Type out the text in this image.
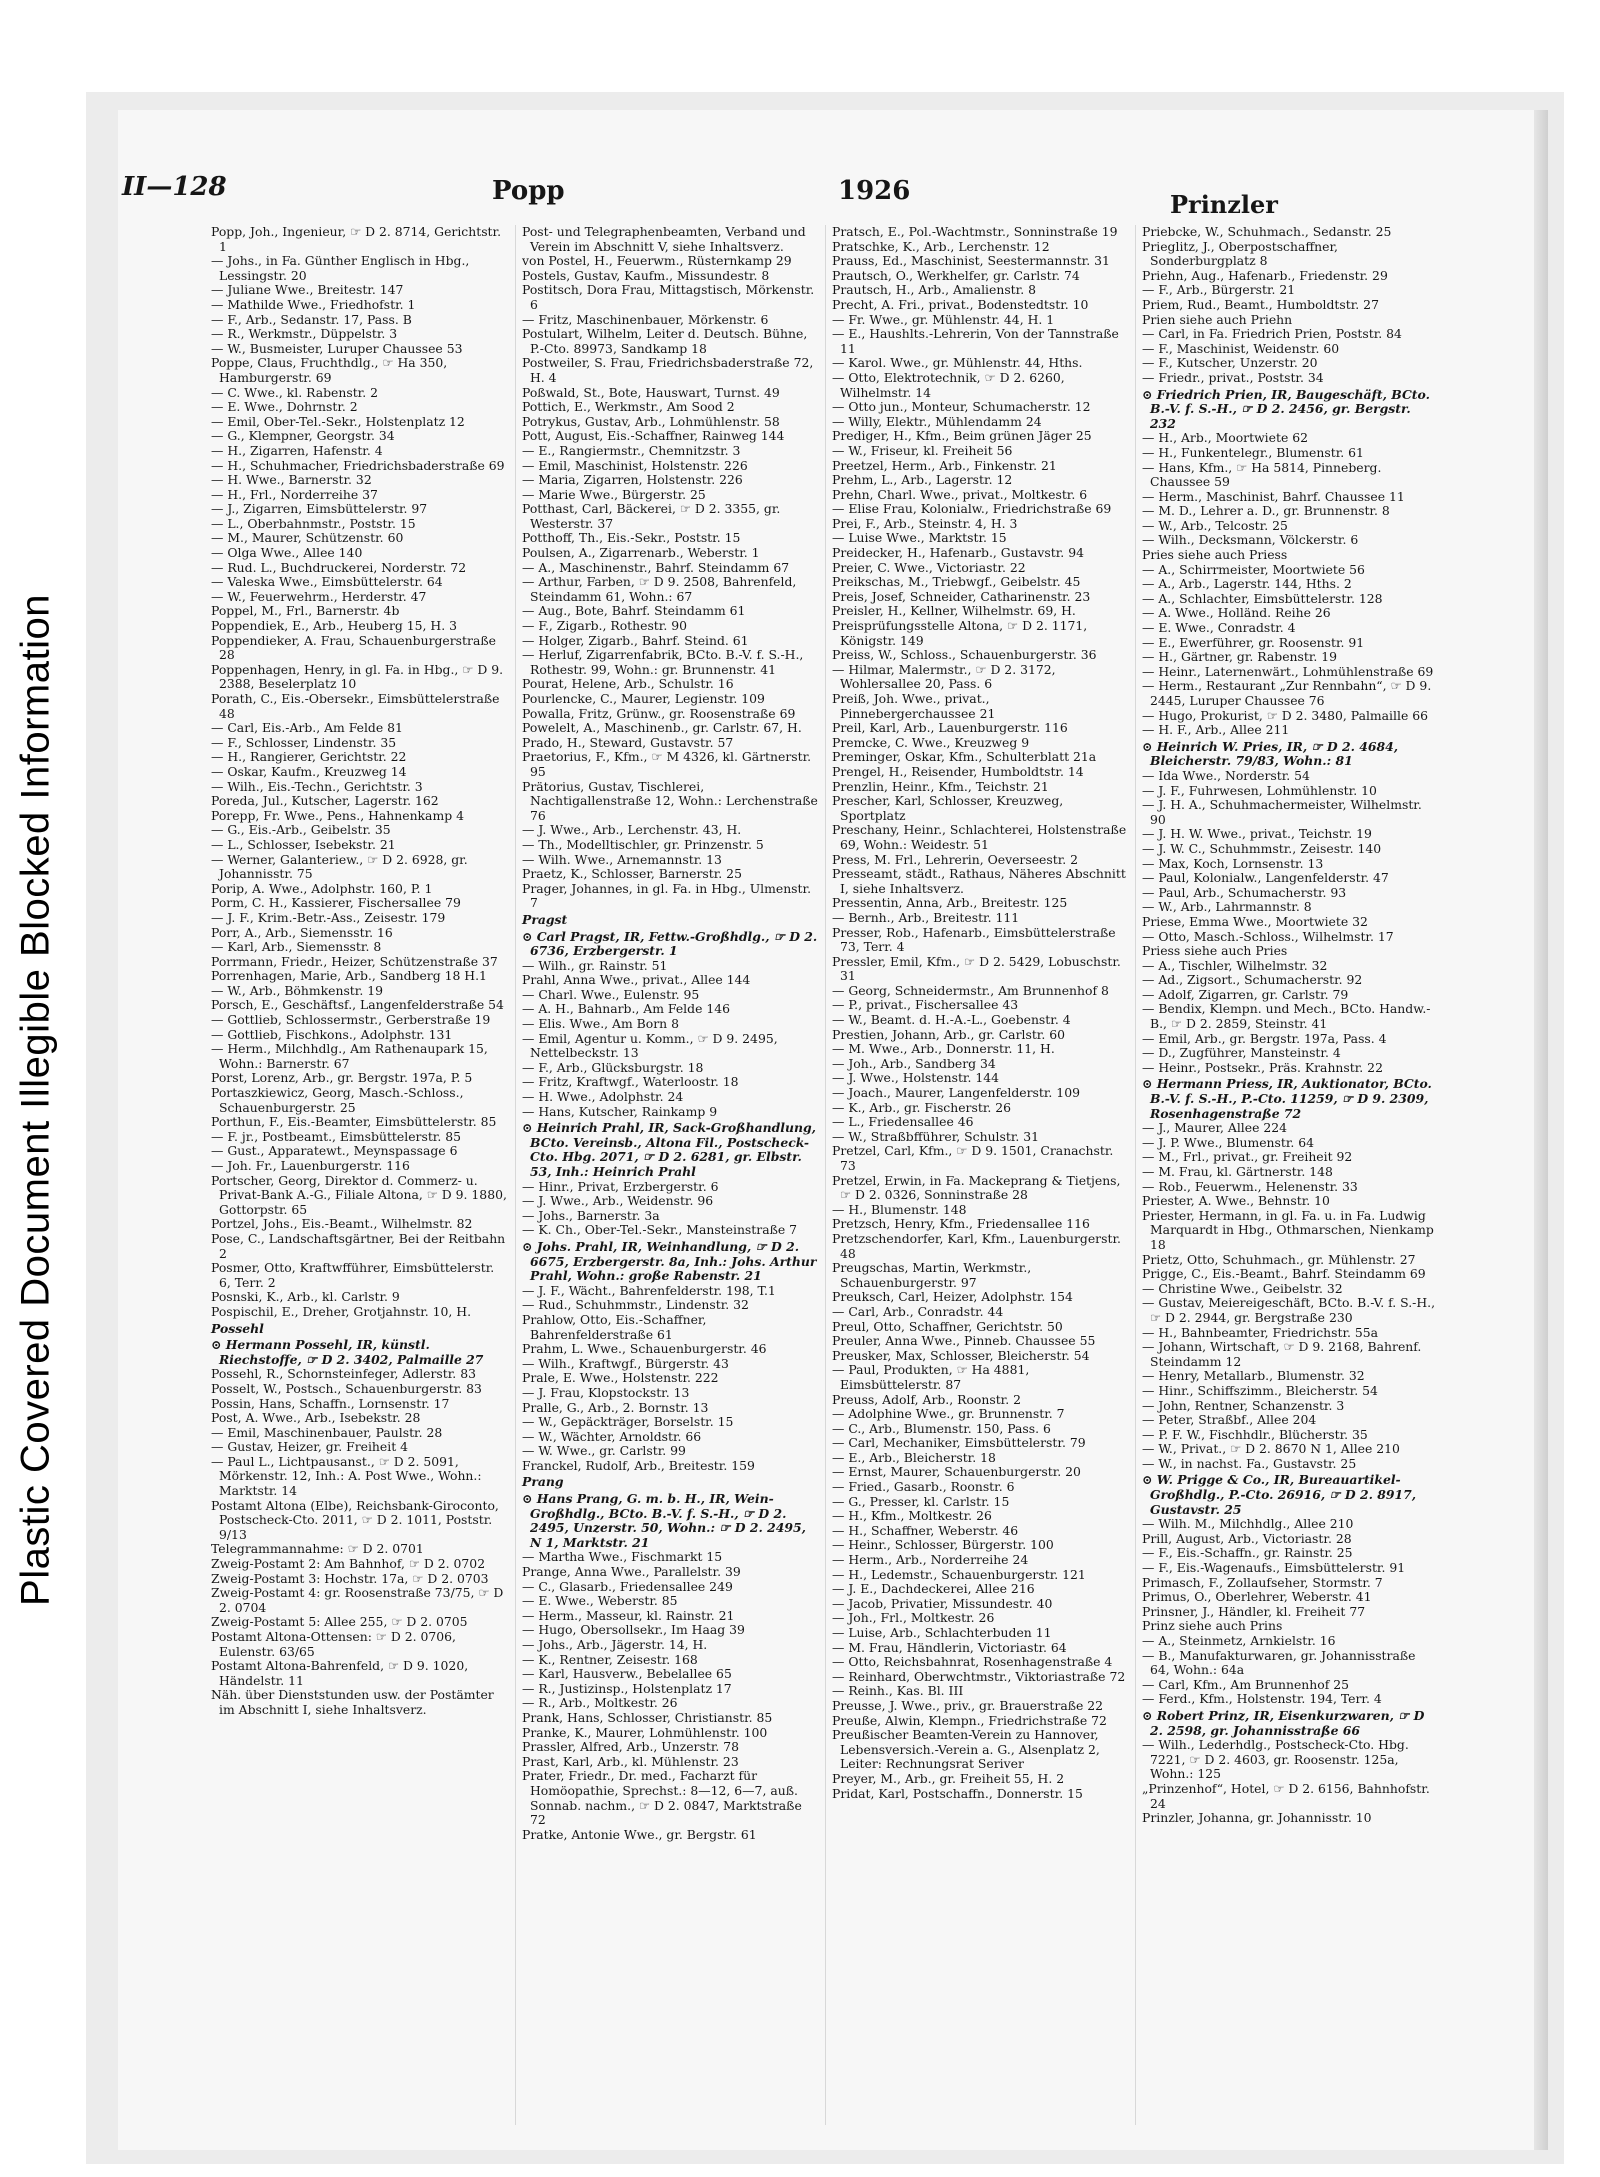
Plastic Covered Document Illegible Blocked Information
II—128	Popp	1926	Prinzler

Popp, Joh., Ingenieur, ☞ D 2. 8714, Gerichtstr. 1

— Johs., in Fa. Günther Englisch in Hbg., Lessingstr. 20

— Juliane Wwe., Breitestr. 147

— Mathilde Wwe., Friedhofstr. 1

— F., Arb., Sedanstr. 17, Pass. B

— R., Werkmstr., Düppelstr. 3

— W., Busmeister, Luruper Chaussee 53

Poppe, Claus, Fruchthdlg., ☞ Ha 350, Hamburgerstr. 69

— C. Wwe., kl. Rabenstr. 2

— E. Wwe., Dohrnstr. 2

— Emil, Ober-Tel.-Sekr., Holstenplatz 12

— G., Klempner, Georgstr. 34

— H., Zigarren, Hafenstr. 4

— H., Schuhmacher, Friedrichsbaderstraße 69

— H. Wwe., Barnerstr. 32

— H., Frl., Norderreihe 37

— J., Zigarren, Eimsbüttelerstr. 97

— L., Oberbahnmstr., Poststr. 15

— M., Maurer, Schützenstr. 60

— Olga Wwe., Allee 140

— Rud. L., Buchdruckerei, Norderstr. 72

— Valeska Wwe., Eimsbüttelerstr. 64

— W., Feuerwehrm., Herderstr. 47

Poppel, M., Frl., Barnerstr. 4b

Poppendiek, E., Arb., Heuberg 15, H. 3

Poppendieker, A. Frau, Schauenburgerstraße 28

Poppenhagen, Henry, in gl. Fa. in Hbg., ☞ D 9. 2388, Beselerplatz 10

Porath, C., Eis.-Obersekr., Eimsbüttelerstraße 48

— Carl, Eis.-Arb., Am Felde 81

— F., Schlosser, Lindenstr. 35

— H., Rangierer, Gerichtstr. 22

— Oskar, Kaufm., Kreuzweg 14

— Wilh., Eis.-Techn., Gerichtstr. 3

Poreda, Jul., Kutscher, Lagerstr. 162

Porepp, Fr. Wwe., Pens., Hahnenkamp 4

— G., Eis.-Arb., Geibelstr. 35

— L., Schlosser, Isebekstr. 21

— Werner, Galanteriew., ☞ D 2. 6928, gr. Johannisstr. 75

Porip, A. Wwe., Adolphstr. 160, P. 1

Porm, C. H., Kassierer, Fischersallee 79

— J. F., Krim.-Betr.-Ass., Zeisestr. 179

Porr, A., Arb., Siemensstr. 16

— Karl, Arb., Siemensstr. 8

Porrmann, Friedr., Heizer, Schützenstraße 37

Porrenhagen, Marie, Arb., Sandberg 18 H.1

— W., Arb., Böhmkenstr. 19

Porsch, E., Geschäftsf., Langenfelderstraße 54

— Gottlieb, Schlossermstr., Gerberstraße 19

— Gottlieb, Fischkons., Adolphstr. 131

— Herm., Milchhdlg., Am Rathenaupark 15, Wohn.: Barnerstr. 67

Porst, Lorenz, Arb., gr. Bergstr. 197a, P. 5

Portaszkiewicz, Georg, Masch.-Schloss., Schauenburgerstr. 25

Porthun, F., Eis.-Beamter, Eimsbüttelerstr. 85

— F. jr., Postbeamt., Eimsbüttelerstr. 85

— Gust., Apparatewt., Meynspassage 6

— Joh. Fr., Lauenburgerstr. 116

Portscher, Georg, Direktor d. Commerz- u. Privat-Bank A.-G., Filiale Altona, ☞ D 9. 1880, Gottorpstr. 65

Portzel, Johs., Eis.-Beamt., Wilhelmstr. 82

Pose, C., Landschaftsgärtner, Bei der Reitbahn 2

Posmer, Otto, Kraftwfführer, Eimsbüttelerstr. 6, Terr. 2

Posnski, K., Arb., kl. Carlstr. 9

Pospischil, E., Dreher, Grotjahnstr. 10, H.

Possehl

⊙ Hermann Possehl, IR, künstl. Riechstoffe, ☞ D 2. 3402, Palmaille 27

Possehl, R., Schornsteinfeger, Adlerstr. 83

Posselt, W., Postsch., Schauenburgerstr. 83

Possin, Hans, Schaffn., Lornsenstr. 17

Post, A. Wwe., Arb., Isebekstr. 28

— Emil, Maschinenbauer, Paulstr. 28

— Gustav, Heizer, gr. Freiheit 4

— Paul L., Lichtpausanst., ☞ D 2. 5091, Mörkenstr. 12, Inh.: A. Post Wwe., Wohn.: Marktstr. 14

Postamt Altona (Elbe), Reichsbank-Giroconto, Postscheck-Cto. 2011, ☞ D 2. 1011, Poststr. 9/13

Telegrammannahme: ☞ D 2. 0701

Zweig-Postamt 2: Am Bahnhof, ☞ D 2. 0702

Zweig-Postamt 3: Hochstr. 17a, ☞ D 2. 0703

Zweig-Postamt 4: gr. Roosenstraße 73/75, ☞ D 2. 0704

Zweig-Postamt 5: Allee 255, ☞ D 2. 0705

Postamt Altona-Ottensen: ☞ D 2. 0706, Eulenstr. 63/65

Postamt Altona-Bahrenfeld, ☞ D 9. 1020, Händelstr. 11

Näh. über Dienststunden usw. der Postämter im Abschnitt I, siehe Inhaltsverz.

Post- und Telegraphenbeamten, Verband und Verein im Abschnitt V, siehe Inhaltsverz.

von Postel, H., Feuerwm., Rüsternkamp 29

Postels, Gustav, Kaufm., Missundestr. 8

Postitsch, Dora Frau, Mittagstisch, Mörkenstr. 6

— Fritz, Maschinenbauer, Mörkenstr. 6

Postulart, Wilhelm, Leiter d. Deutsch. Bühne, P.-Cto. 89973, Sandkamp 18

Postweiler, S. Frau, Friedrichsbaderstraße 72, H. 4

Poßwald, St., Bote, Hauswart, Turnst. 49

Pottich, E., Werkmstr., Am Sood 2

Potrykus, Gustav, Arb., Lohmühlenstr. 58

Pott, August, Eis.-Schaffner, Rainweg 144

— E., Rangiermstr., Chemnitzstr. 3

— Emil, Maschinist, Holstenstr. 226

— Maria, Zigarren, Holstenstr. 226

— Marie Wwe., Bürgerstr. 25

Potthast, Carl, Bäckerei, ☞ D 2. 3355, gr. Westerstr. 37

Potthoff, Th., Eis.-Sekr., Poststr. 15

Poulsen, A., Zigarrenarb., Weberstr. 1

— A., Maschinenstr., Bahrf. Steindamm 67

— Arthur, Farben, ☞ D 9. 2508, Bahrenfeld, Steindamm 61, Wohn.: 67

— Aug., Bote, Bahrf. Steindamm 61

— F., Zigarb., Rothestr. 90

— Holger, Zigarb., Bahrf. Steind. 61

— Herluf, Zigarrenfabrik, BCto. B.-V. f. S.-H., Rothestr. 99, Wohn.: gr. Brunnenstr. 41

Pourat, Helene, Arb., Schulstr. 16

Pourlencke, C., Maurer, Legienstr. 109

Powalla, Fritz, Grünw., gr. Roosenstraße 69

Powelelt, A., Maschinenb., gr. Carlstr. 67, H.

Prado, H., Steward, Gustavstr. 57

Praetorius, F., Kfm., ☞ M 4326, kl. Gärtnerstr. 95

Prätorius, Gustav, Tischlerei, Nachtigallenstraße 12, Wohn.: Lerchenstraße 76

— J. Wwe., Arb., Lerchenstr. 43, H.

— Th., Modelltischler, gr. Prinzenstr. 5

— Wilh. Wwe., Arnemannstr. 13

Praetz, K., Schlosser, Barnerstr. 25

Prager, Johannes, in gl. Fa. in Hbg., Ulmenstr. 7

Pragst

⊙ Carl Pragst, IR, Fettw.-Großhdlg., ☞ D 2. 6736, Erzbergerstr. 1

— Wilh., gr. Rainstr. 51

Prahl, Anna Wwe., privat., Allee 144

— Charl. Wwe., Eulenstr. 95

— A. H., Bahnarb., Am Felde 146

— Elis. Wwe., Am Born 8

— Emil, Agentur u. Komm., ☞ D 9. 2495, Nettelbeckstr. 13

— F., Arb., Glücksburgstr. 18

— Fritz, Kraftwgf., Waterloostr. 18

— H. Wwe., Adolphstr. 24

— Hans, Kutscher, Rainkamp 9

⊙ Heinrich Prahl, IR, Sack-Großhandlung, BCto. Vereinsb., Altona Fil., Postscheck-Cto. Hbg. 2071, ☞ D 2. 6281, gr. Elbstr. 53, Inh.: Heinrich Prahl

— Hinr., Privat, Erzbergerstr. 6

— J. Wwe., Arb., Weidenstr. 96

— Johs., Barnerstr. 3a

— K. Ch., Ober-Tel.-Sekr., Mansteinstraße 7

⊙ Johs. Prahl, IR, Weinhandlung, ☞ D 2. 6675, Erzbergerstr. 8a, Inh.: Johs. Arthur Prahl, Wohn.: große Rabenstr. 21

— J. F., Wächt., Bahrenfelderstr. 198, T.1

— Rud., Schuhmmstr., Lindenstr. 32

Prahlow, Otto, Eis.-Schaffner, Bahrenfelderstraße 61

Prahm, L. Wwe., Schauenburgerstr. 46

— Wilh., Kraftwgf., Bürgerstr. 43

Prale, E. Wwe., Holstenstr. 222

— J. Frau, Klopstockstr. 13

Pralle, G., Arb., 2. Bornstr. 13

— W., Gepäckträger, Borselstr. 15

— W., Wächter, Arnoldstr. 66

— W. Wwe., gr. Carlstr. 99

Franckel, Rudolf, Arb., Breitestr. 159

Prang

⊙ Hans Prang, G. m. b. H., IR, Wein-Großhdlg., BCto. B.-V. f. S.-H., ☞ D 2. 2495, Unzerstr. 50, Wohn.: ☞ D 2. 2495, N 1, Marktstr. 21

— Martha Wwe., Fischmarkt 15

Prange, Anna Wwe., Parallelstr. 39

— C., Glasarb., Friedensallee 249

— E. Wwe., Weberstr. 85

— Herm., Masseur, kl. Rainstr. 21

— Hugo, Obersollsekr., Im Haag 39

— Johs., Arb., Jägerstr. 14, H.

— K., Rentner, Zeisestr. 168

— Karl, Hausverw., Bebelallee 65

— R., Justizinsp., Holstenplatz 17

— R., Arb., Moltkestr. 26

Prank, Hans, Schlosser, Christianstr. 85

Pranke, K., Maurer, Lohmühlenstr. 100

Prassler, Alfred, Arb., Unzerstr. 78

Prast, Karl, Arb., kl. Mühlenstr. 23

Prater, Friedr., Dr. med., Facharzt für Homöopathie, Sprechst.: 8—12, 6—7, auß. Sonnab. nachm., ☞ D 2. 0847, Marktstraße 72

Pratke, Antonie Wwe., gr. Bergstr. 61

Pratsch, E., Pol.-Wachtmstr., Sonninstraße 19

Pratschke, K., Arb., Lerchenstr. 12

Prauss, Ed., Maschinist, Seestermannstr. 31

Prautsch, O., Werkhelfer, gr. Carlstr. 74

Prautsch, H., Arb., Amalienstr. 8

Precht, A. Fri., privat., Bodenstedtstr. 10

— Fr. Wwe., gr. Mühlenstr. 44, H. 1

— E., Haushlts.-Lehrerin, Von der Tannstraße 11

— Karol. Wwe., gr. Mühlenstr. 44, Hths.

— Otto, Elektrotechnik, ☞ D 2. 6260, Wilhelmstr. 14

— Otto jun., Monteur, Schumacherstr. 12

— Willy, Elektr., Mühlendamm 24

Prediger, H., Kfm., Beim grünen Jäger 25

— W., Friseur, kl. Freiheit 56

Preetzel, Herm., Arb., Finkenstr. 21

Prehm, L., Arb., Lagerstr. 12

Prehn, Charl. Wwe., privat., Moltkestr. 6

— Elise Frau, Kolonialw., Friedrichstraße 69

Prei, F., Arb., Steinstr. 4, H. 3

— Luise Wwe., Marktstr. 15

Preidecker, H., Hafenarb., Gustavstr. 94

Preier, C. Wwe., Victoriastr. 22

Preikschas, M., Triebwgf., Geibelstr. 45

Preis, Josef, Schneider, Catharinenstr. 23

Preisler, H., Kellner, Wilhelmstr. 69, H.

Preisprüfungsstelle Altona, ☞ D 2. 1171, Königstr. 149

Preiss, W., Schloss., Schauenburgerstr. 36

— Hilmar, Malermstr., ☞ D 2. 3172, Wohlersallee 20, Pass. 6

Preiß, Joh. Wwe., privat., Pinnebergerchaussee 21

Preil, Karl, Arb., Lauenburgerstr. 116

Premcke, C. Wwe., Kreuzweg 9

Preminger, Oskar, Kfm., Schulterblatt 21a

Prengel, H., Reisender, Humboldtstr. 14

Prenzlin, Heinr., Kfm., Teichstr. 21

Prescher, Karl, Schlosser, Kreuzweg, Sportplatz

Preschany, Heinr., Schlachterei, Holstenstraße 69, Wohn.: Weidestr. 51

Press, M. Frl., Lehrerin, Oeverseestr. 2

Presseamt, städt., Rathaus, Näheres Abschnitt I, siehe Inhaltsverz.

Pressentin, Anna, Arb., Breitestr. 125

— Bernh., Arb., Breitestr. 111

Presser, Rob., Hafenarb., Eimsbüttelerstraße 73, Terr. 4

Pressler, Emil, Kfm., ☞ D 2. 5429, Lobuschstr. 31

— Georg, Schneidermstr., Am Brunnenhof 8

— P., privat., Fischersallee 43

— W., Beamt. d. H.-A.-L., Goebenstr. 4

Prestien, Johann, Arb., gr. Carlstr. 60

— M. Wwe., Arb., Donnerstr. 11, H.

— Joh., Arb., Sandberg 34

— J. Wwe., Holstenstr. 144

— Joach., Maurer, Langenfelderstr. 109

— K., Arb., gr. Fischerstr. 26

— L., Friedensallee 46

— W., Straßbfführer, Schulstr. 31

Pretzel, Carl, Kfm., ☞ D 9. 1501, Cranachstr. 73

Pretzel, Erwin, in Fa. Mackeprang & Tietjens, ☞ D 2. 0326, Sonninstraße 28

— H., Blumenstr. 148

Pretzsch, Henry, Kfm., Friedensallee 116

Pretzschendorfer, Karl, Kfm., Lauenburgerstr. 48

Preugschas, Martin, Werkmstr., Schauenburgerstr. 97

Preuksch, Carl, Heizer, Adolphstr. 154

— Carl, Arb., Conradstr. 44

Preul, Otto, Schaffner, Gerichtstr. 50

Preuler, Anna Wwe., Pinneb. Chaussee 55

Preusker, Max, Schlosser, Bleicherstr. 54

— Paul, Produkten, ☞ Ha 4881, Eimsbüttelerstr. 87

Preuss, Adolf, Arb., Roonstr. 2

— Adolphine Wwe., gr. Brunnenstr. 7

— C., Arb., Blumenstr. 150, Pass. 6

— Carl, Mechaniker, Eimsbüttelerstr. 79

— E., Arb., Bleicherstr. 18

— Ernst, Maurer, Schauenburgerstr. 20

— Fried., Gasarb., Roonstr. 6

— G., Presser, kl. Carlstr. 15

— H., Kfm., Moltkestr. 26

— H., Schaffner, Weberstr. 46

— Heinr., Schlosser, Bürgerstr. 100

— Herm., Arb., Norderreihe 24

— H., Ledemstr., Schauenburgerstr. 121

— J. E., Dachdeckerei, Allee 216

— Jacob, Privatier, Missundestr. 40

— Joh., Frl., Moltkestr. 26

— Luise, Arb., Schlachterbuden 11

— M. Frau, Händlerin, Victoriastr. 64

— Otto, Reichsbahnrat, Rosenhagenstraße 4

— Reinhard, Oberwchtmstr., Viktoriastraße 72

— Reinh., Kas. Bl. III

Preusse, J. Wwe., priv., gr. Brauerstraße 22

Preuße, Alwin, Klempn., Friedrichstraße 72

Preußischer Beamten-Verein zu Hannover, Lebensversich.-Verein a. G., Alsenplatz 2, Leiter: Rechnungsrat Seriver

Preyer, M., Arb., gr. Freiheit 55, H. 2

Pridat, Karl, Postschaffn., Donnerstr. 15

Priebcke, W., Schuhmach., Sedanstr. 25

Prieglitz, J., Oberpostschaffner, Sonderburgplatz 8

Priehn, Aug., Hafenarb., Friedenstr. 29

— F., Arb., Bürgerstr. 21

Priem, Rud., Beamt., Humboldtstr. 27

Prien siehe auch Priehn

— Carl, in Fa. Friedrich Prien, Poststr. 84

— F., Maschinist, Weidenstr. 60

— F., Kutscher, Unzerstr. 20

— Friedr., privat., Poststr. 34

⊙ Friedrich Prien, IR, Baugeschäft, BCto. B.-V. f. S.-H., ☞ D 2. 2456, gr. Bergstr. 232

— H., Arb., Moortwiete 62

— H., Funkentelegr., Blumenstr. 61

— Hans, Kfm., ☞ Ha 5814, Pinneberg. Chaussee 59

— Herm., Maschinist, Bahrf. Chaussee 11

— M. D., Lehrer a. D., gr. Brunnenstr. 8

— W., Arb., Telcostr. 25

— Wilh., Decksmann, Völckerstr. 6

Pries siehe auch Priess

— A., Schirrmeister, Moortwiete 56

— A., Arb., Lagerstr. 144, Hths. 2

— A., Schlachter, Eimsbüttelerstr. 128

— A. Wwe., Holländ. Reihe 26

— E. Wwe., Conradstr. 4

— E., Ewerführer, gr. Roosenstr. 91

— H., Gärtner, gr. Rabenstr. 19

— Heinr., Laternenwärt., Lohmühlenstraße 69

— Herm., Restaurant „Zur Rennbahn“, ☞ D 9. 2445, Luruper Chaussee 76

— Hugo, Prokurist, ☞ D 2. 3480, Palmaille 66

— H. F., Arb., Allee 211

⊙ Heinrich W. Pries, IR, ☞ D 2. 4684, Bleicherstr. 79/83, Wohn.: 81

— Ida Wwe., Norderstr. 54

— J. F., Fuhrwesen, Lohmühlenstr. 10

— J. H. A., Schuhmachermeister, Wilhelmstr. 90

— J. H. W. Wwe., privat., Teichstr. 19

— J. W. C., Schuhmmstr., Zeisestr. 140

— Max, Koch, Lornsenstr. 13

— Paul, Kolonialw., Langenfelderstr. 47

— Paul, Arb., Schumacherstr. 93

— W., Arb., Lahrmannstr. 8

Priese, Emma Wwe., Moortwiete 32

— Otto, Masch.-Schloss., Wilhelmstr. 17

Priess siehe auch Pries

— A., Tischler, Wilhelmstr. 32

— Ad., Zigsort., Schumacherstr. 92

— Adolf, Zigarren, gr. Carlstr. 79

— Bendix, Klempn. und Mech., BCto. Handw.-B., ☞ D 2. 2859, Steinstr. 41

— Emil, Arb., gr. Bergstr. 197a, Pass. 4

— D., Zugführer, Mansteinstr. 4

— Heinr., Postsekr., Präs. Krahnstr. 22

⊙ Hermann Priess, IR, Auktionator, BCto. B.-V. f. S.-H., P.-Cto. 11259, ☞ D 9. 2309, Rosenhagenstraße 72

— J., Maurer, Allee 224

— J. P. Wwe., Blumenstr. 64

— M., Frl., privat., gr. Freiheit 92

— M. Frau, kl. Gärtnerstr. 148

— Rob., Feuerwm., Helenenstr. 33

Priester, A. Wwe., Behnstr. 10

Priester, Hermann, in gl. Fa. u. in Fa. Ludwig Marquardt in Hbg., Othmarschen, Nienkamp 18

Prietz, Otto, Schuhmach., gr. Mühlenstr. 27

Prigge, C., Eis.-Beamt., Bahrf. Steindamm 69

— Christine Wwe., Geibelstr. 32

— Gustav, Meiereigeschäft, BCto. B.-V. f. S.-H., ☞ D 2. 2944, gr. Bergstraße 230

— H., Bahnbeamter, Friedrichstr. 55a

— Johann, Wirtschaft, ☞ D 9. 2168, Bahrenf. Steindamm 12

— Henry, Metallarb., Blumenstr. 32

— Hinr., Schiffszimm., Bleicherstr. 54

— John, Rentner, Schanzenstr. 3

— Peter, Straßbf., Allee 204

— P. F. W., Fischhdlr., Blücherstr. 35

— W., Privat., ☞ D 2. 8670 N 1, Allee 210

— W., in nachst. Fa., Gustavstr. 25

⊙ W. Prigge & Co., IR, Bureauartikel-Großhdlg., P.-Cto. 26916, ☞ D 2. 8917, Gustavstr. 25

— Wilh. M., Milchhdlg., Allee 210

Prill, August, Arb., Victoriastr. 28

— F., Eis.-Schaffn., gr. Rainstr. 25

— F., Eis.-Wagenaufs., Eimsbüttelerstr. 91

Primasch, F., Zollaufseher, Stormstr. 7

Primus, O., Oberlehrer, Weberstr. 41

Prinsner, J., Händler, kl. Freiheit 77

Prinz siehe auch Prins

— A., Steinmetz, Arnkielstr. 16

— B., Manufakturwaren, gr. Johannisstraße 64, Wohn.: 64a

— Carl, Kfm., Am Brunnenhof 25

— Ferd., Kfm., Holstenstr. 194, Terr. 4

⊙ Robert Prinz, IR, Eisenkurzwaren, ☞ D 2. 2598, gr. Johannisstraße 66

— Wilh., Lederhdlg., Postscheck-Cto. Hbg. 7221, ☞ D 2. 4603, gr. Roosenstr. 125a, Wohn.: 125

„Prinzenhof“, Hotel, ☞ D 2. 6156, Bahnhofstr. 24

Prinzler, Johanna, gr. Johannisstr. 10
